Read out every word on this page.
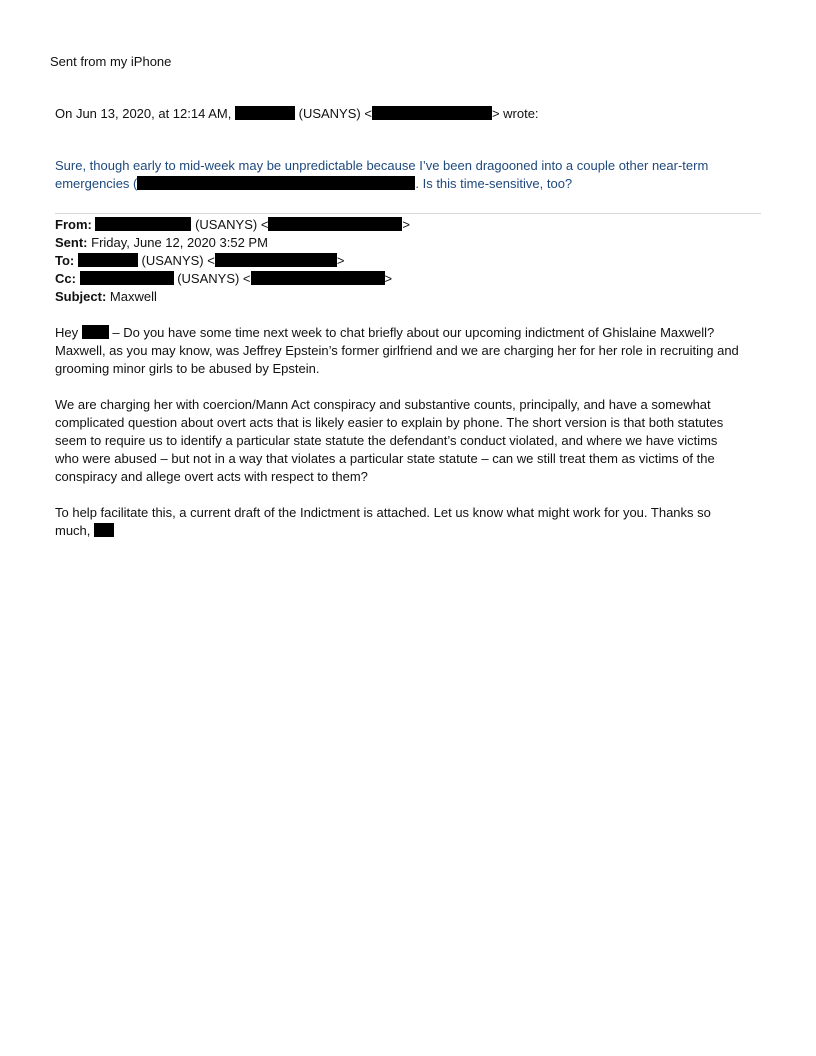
Sent from my iPhone
On Jun 13, 2020, at 12:14 AM,	(USANYS) <	> wrote:
Sure, though early to mid-week may be unpredictable because I’ve been dragooned into a couple other near-term
emergencies (	. Is this time-sensitive, too?
From:	(USANYS) <	>
Sent: Friday, June 12, 2020 3:52 PM
To:	(USANYS) <	>
Cc:	(USANYS) <	>
Subject: Maxwell
Hey	– Do you have some time next week to chat briefly about our upcoming indictment of Ghislaine Maxwell?
Maxwell, as you may know, was Jeffrey Epstein’s former girlfriend and we are charging her for her role in recruiting and
grooming minor girls to be abused by Epstein.
We are charging her with coercion/Mann Act conspiracy and substantive counts, principally, and have a somewhat
complicated question about overt acts that is likely easier to explain by phone. The short version is that both statutes
seem to require us to identify a particular state statute the defendant’s conduct violated, and where we have victims
who were abused – but not in a way that violates a particular state statute – can we still treat them as victims of the
conspiracy and allege overt acts with respect to them?
To help facilitate this, a current draft of the Indictment is attached. Let us know what might work for you. Thanks so
much,
